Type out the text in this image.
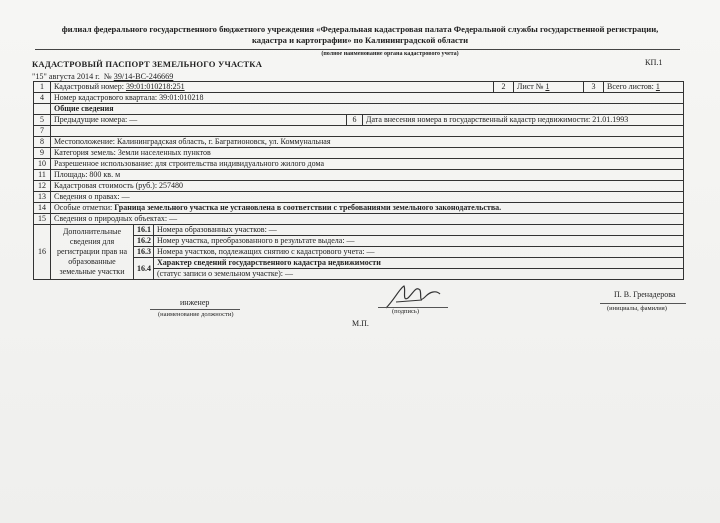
филиал федерального государственного бюджетного учреждения «Федеральная кадастровая палата Федеральной службы государственной регистрации,
кадастра и картографии» по Калининградской области
(полное наименование органа кадастрового учета)
КАДАСТРОВЫЙ ПАСПОРТ ЗЕМЕЛЬНОГО УЧАСТКА	КП.1
"15" августа 2014 г. № 39/14-ВС-246669
1	Кадастровый номер: 39:01:010218:251					2	Лист № 1	3	Всего листов: 1
4	Номер кадастрового квартала: 39:01:010218								
	Общие сведения								
5	Предыдущие номера: —			6	Дата внесения номера в государственный кадастр недвижимости: 21.01.1993				
7									
8	Местоположение: Калининградская область, г. Багратионовск, ул. Коммунальная								
9	Категория земель: Земли населенных пунктов								
10	Разрешенное использование: для строительства индивидуального жилого дома								
11	Площадь: 800 кв. м								
12	Кадастровая стоимость (руб.): 257480								
13	Сведения о правах: —								
14	Особые отметки: Граница земельного участка не установлена в соответствии с требованиями земельного законодательства.								
15	Сведения о природных объектах: —								
16	Дополнительные сведения для регистрации прав на образованные земельные участки	16.1	Номера образованных участков: —						
		16.2	Номер участка, преобразованного в результате выдела: —						
		16.3	Номера участков, подлежащих снятию с кадастрового учета: —						
		16.4	Характер сведений государственного кадастра недвижимости						
			(статус записи о земельном участке): —						
инженер
(наименование должности)	(подпись)
М.П.
П. В. Гренадерова
(инициалы, фамилия)
